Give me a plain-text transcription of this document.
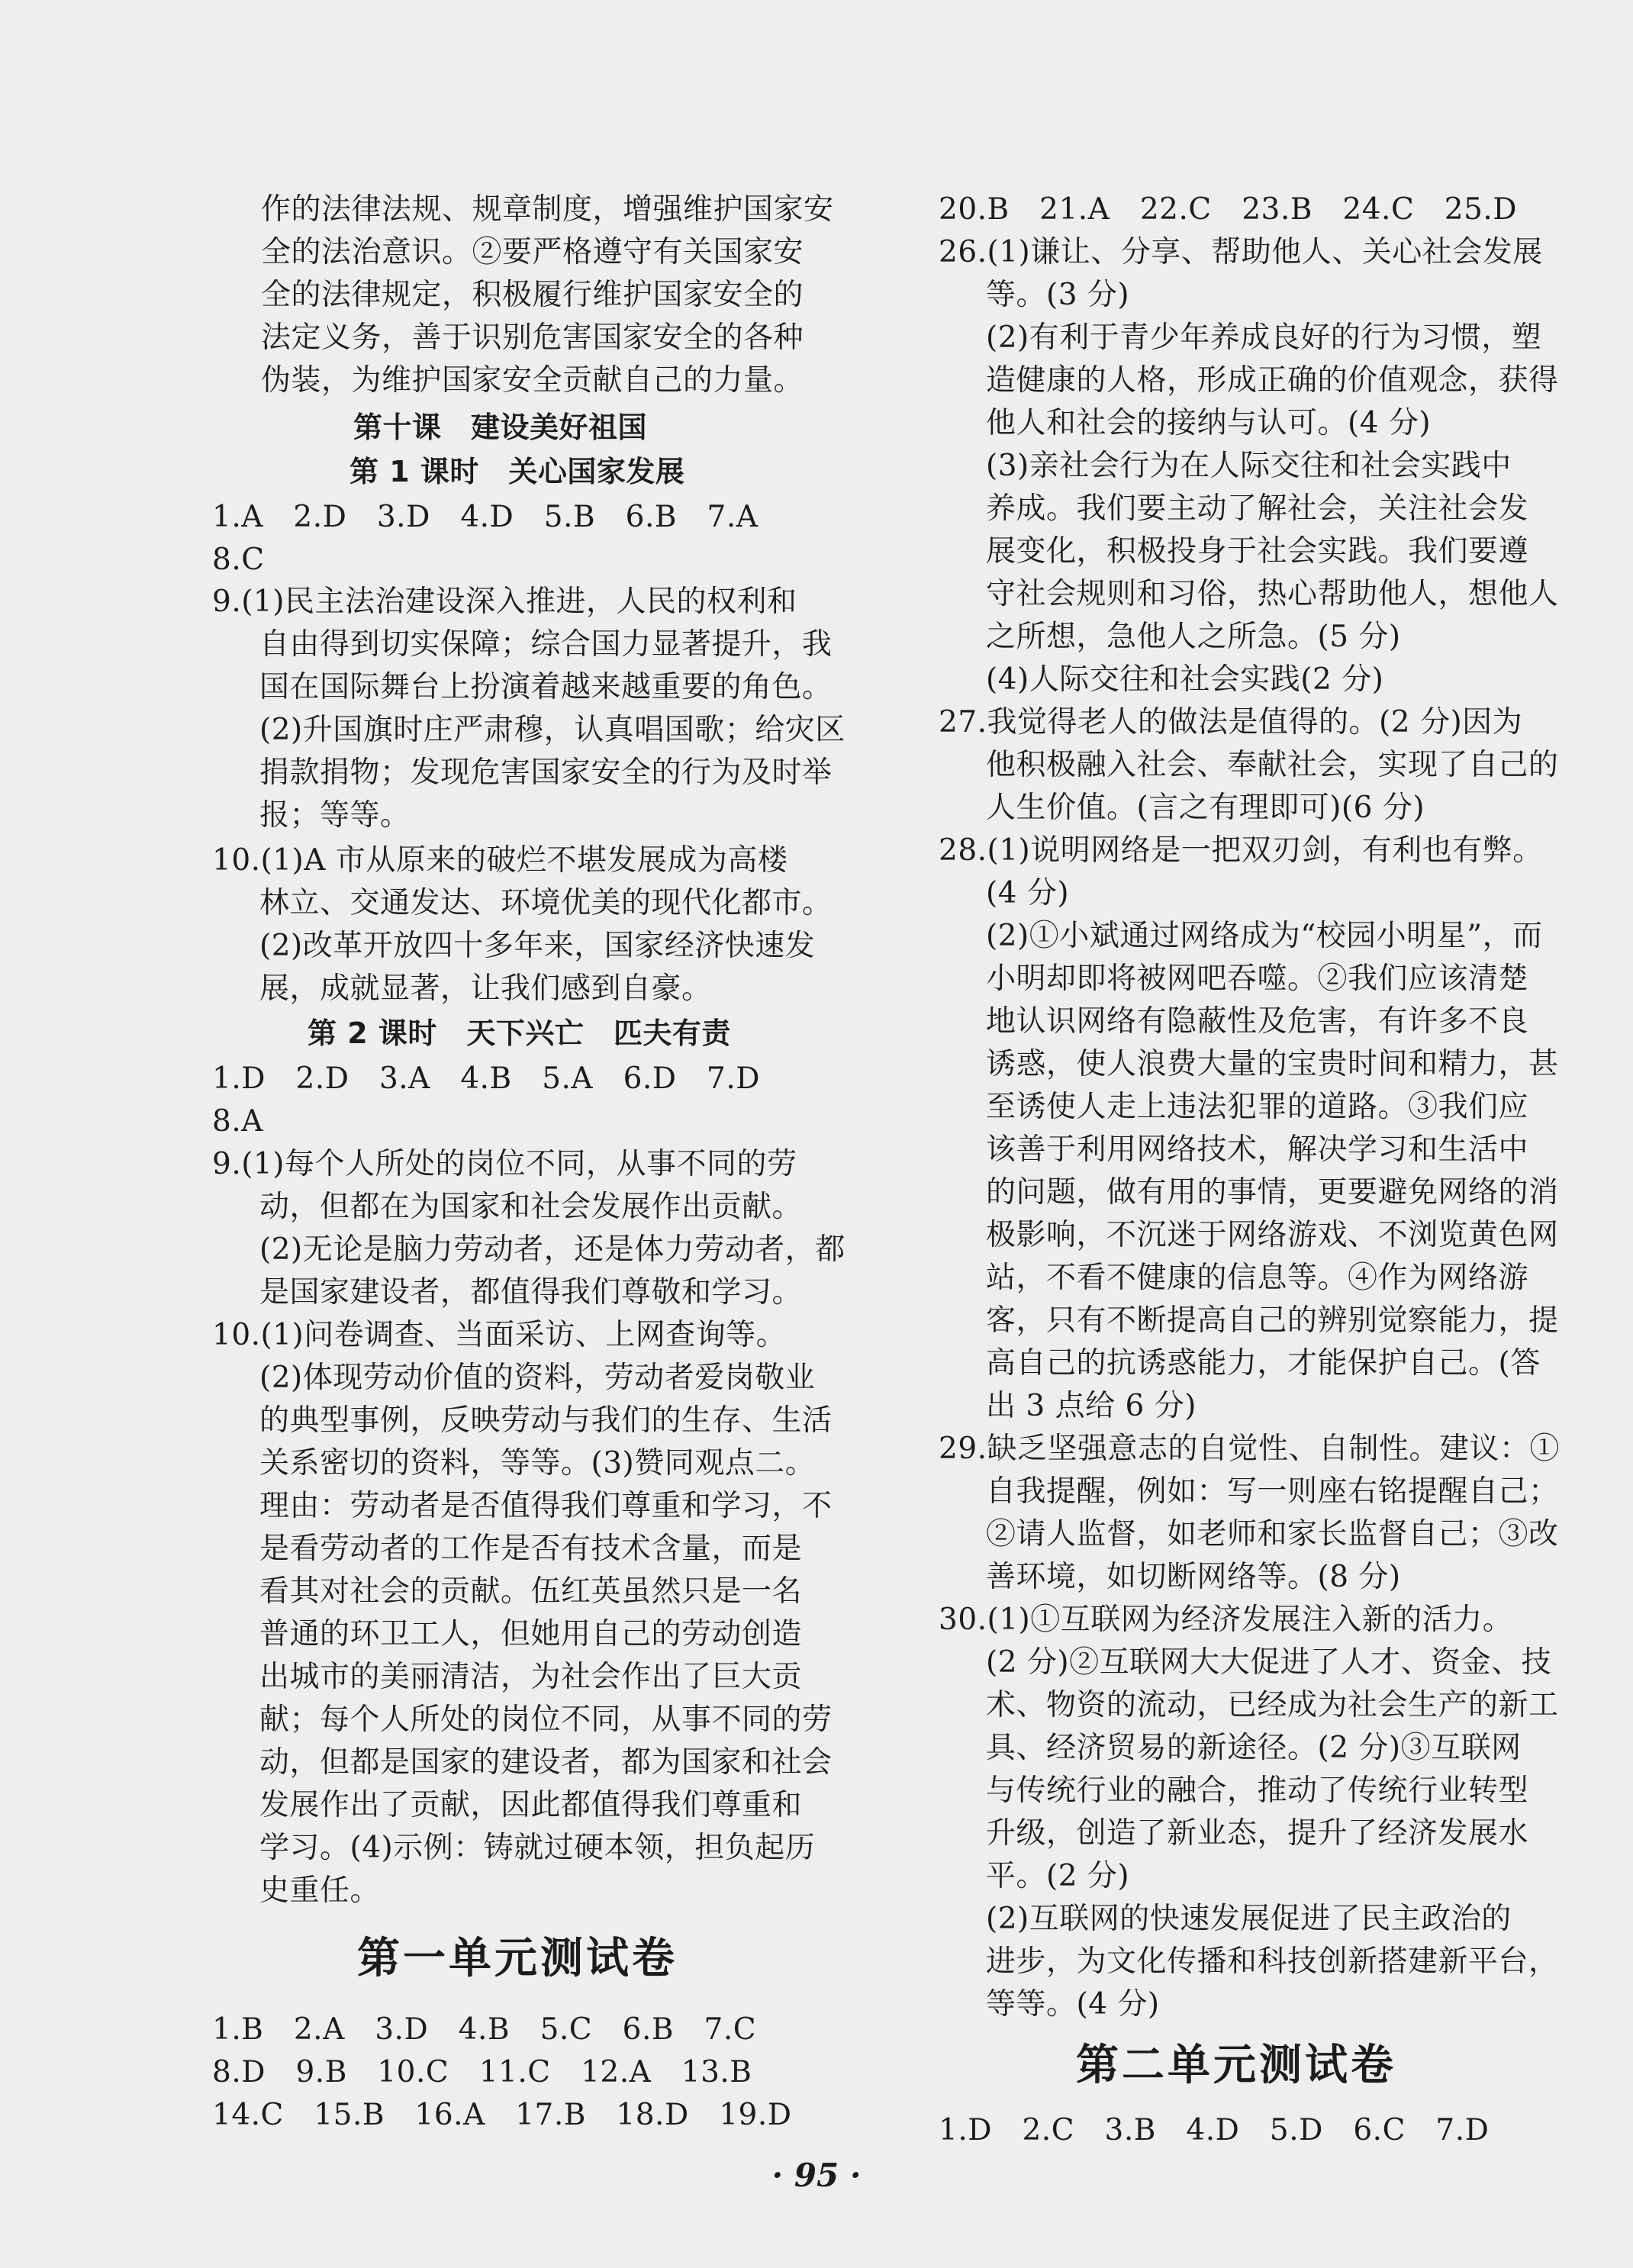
作的法律法规、规章制度，增强维护国家安
全的法治意识。②要严格遵守有关国家安
全的法律规定，积极履行维护国家安全的
法定义务，善于识别危害国家安全的各种
伪装，为维护国家安全贡献自己的力量。
第十课　建设美好祖国
第 1 课时　关心国家发展
1.A　2.D　3.D　4.D　5.B　6.B　7.A
8.C
9.(1)民主法治建设深入推进，人民的权利和
自由得到切实保障；综合国力显著提升，我
国在国际舞台上扮演着越来越重要的角色。
(2)升国旗时庄严肃穆，认真唱国歌；给灾区
捐款捐物；发现危害国家安全的行为及时举
报；等等。
10.(1)A 市从原来的破烂不堪发展成为高楼
林立、交通发达、环境优美的现代化都市。
(2)改革开放四十多年来，国家经济快速发
展，成就显著，让我们感到自豪。
第 2 课时　天下兴亡　匹夫有责
1.D　2.D　3.A　4.B　5.A　6.D　7.D
8.A
9.(1)每个人所处的岗位不同，从事不同的劳
动，但都在为国家和社会发展作出贡献。
(2)无论是脑力劳动者，还是体力劳动者，都
是国家建设者，都值得我们尊敬和学习。
10.(1)问卷调查、当面采访、上网查询等。
(2)体现劳动价值的资料，劳动者爱岗敬业
的典型事例，反映劳动与我们的生存、生活
关系密切的资料，等等。(3)赞同观点二。
理由：劳动者是否值得我们尊重和学习，不
是看劳动者的工作是否有技术含量，而是
看其对社会的贡献。伍红英虽然只是一名
普通的环卫工人，但她用自己的劳动创造
出城市的美丽清洁，为社会作出了巨大贡
献；每个人所处的岗位不同，从事不同的劳
动，但都是国家的建设者，都为国家和社会
发展作出了贡献，因此都值得我们尊重和
学习。(4)示例：铸就过硬本领，担负起历
史重任。
第一单元测试卷
1.B　2.A　3.D　4.B　5.C　6.B　7.C
8.D　9.B　10.C　11.C　12.A　13.B
14.C　15.B　16.A　17.B　18.D　19.D
20.B　21.A　22.C　23.B　24.C　25.D
26.(1)谦让、分享、帮助他人、关心社会发展
等。(3 分)
(2)有利于青少年养成良好的行为习惯，塑
造健康的人格，形成正确的价值观念，获得
他人和社会的接纳与认可。(4 分)
(3)亲社会行为在人际交往和社会实践中
养成。我们要主动了解社会，关注社会发
展变化，积极投身于社会实践。我们要遵
守社会规则和习俗，热心帮助他人，想他人
之所想，急他人之所急。(5 分)
(4)人际交往和社会实践(2 分)
27.我觉得老人的做法是值得的。(2 分)因为
他积极融入社会、奉献社会，实现了自己的
人生价值。(言之有理即可)(6 分)
28.(1)说明网络是一把双刃剑，有利也有弊。
(4 分)
(2)①小斌通过网络成为“校园小明星”，而
小明却即将被网吧吞噬。②我们应该清楚
地认识网络有隐蔽性及危害，有许多不良
诱惑，使人浪费大量的宝贵时间和精力，甚
至诱使人走上违法犯罪的道路。③我们应
该善于利用网络技术，解决学习和生活中
的问题，做有用的事情，更要避免网络的消
极影响，不沉迷于网络游戏、不浏览黄色网
站，不看不健康的信息等。④作为网络游
客，只有不断提高自己的辨别觉察能力，提
高自己的抗诱惑能力，才能保护自己。(答
出 3 点给 6 分)
29.缺乏坚强意志的自觉性、自制性。建议：①
自我提醒，例如：写一则座右铭提醒自己；
②请人监督，如老师和家长监督自己；③改
善环境，如切断网络等。(8 分)
30.(1)①互联网为经济发展注入新的活力。
(2 分)②互联网大大促进了人才、资金、技
术、物资的流动，已经成为社会生产的新工
具、经济贸易的新途径。(2 分)③互联网
与传统行业的融合，推动了传统行业转型
升级，创造了新业态，提升了经济发展水
平。(2 分)
(2)互联网的快速发展促进了民主政治的
进步，为文化传播和科技创新搭建新平台，
等等。(4 分)
第二单元测试卷
1.D　2.C　3.B　4.D　5.D　6.C　7.D
· 95 ·
